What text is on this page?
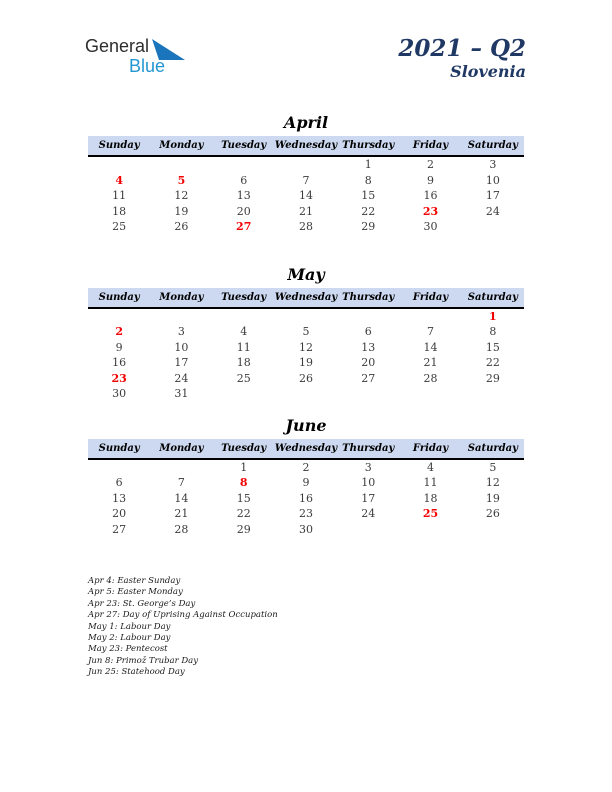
General
Blue
2021 – Q2
Slovenia
April
Sunday	Monday	Tuesday	Wednesday	Thursday	Friday	Saturday
				1	2	3
4	5	6	7	8	9	10
11	12	13	14	15	16	17
18	19	20	21	22	23	24
25	26	27	28	29	30	
May
Sunday	Monday	Tuesday	Wednesday	Thursday	Friday	Saturday
						1
2	3	4	5	6	7	8
9	10	11	12	13	14	15
16	17	18	19	20	21	22
23	24	25	26	27	28	29
30	31					
June
Sunday	Monday	Tuesday	Wednesday	Thursday	Friday	Saturday
		1	2	3	4	5
6	7	8	9	10	11	12
13	14	15	16	17	18	19
20	21	22	23	24	25	26
27	28	29	30			
Apr 4: Easter Sunday
Apr 5: Easter Monday
Apr 23: St. George’s Day
Apr 27: Day of Uprising Against Occupation
May 1: Labour Day
May 2: Labour Day
May 23: Pentecost
Jun 8: Primož Trubar Day
Jun 25: Statehood Day
